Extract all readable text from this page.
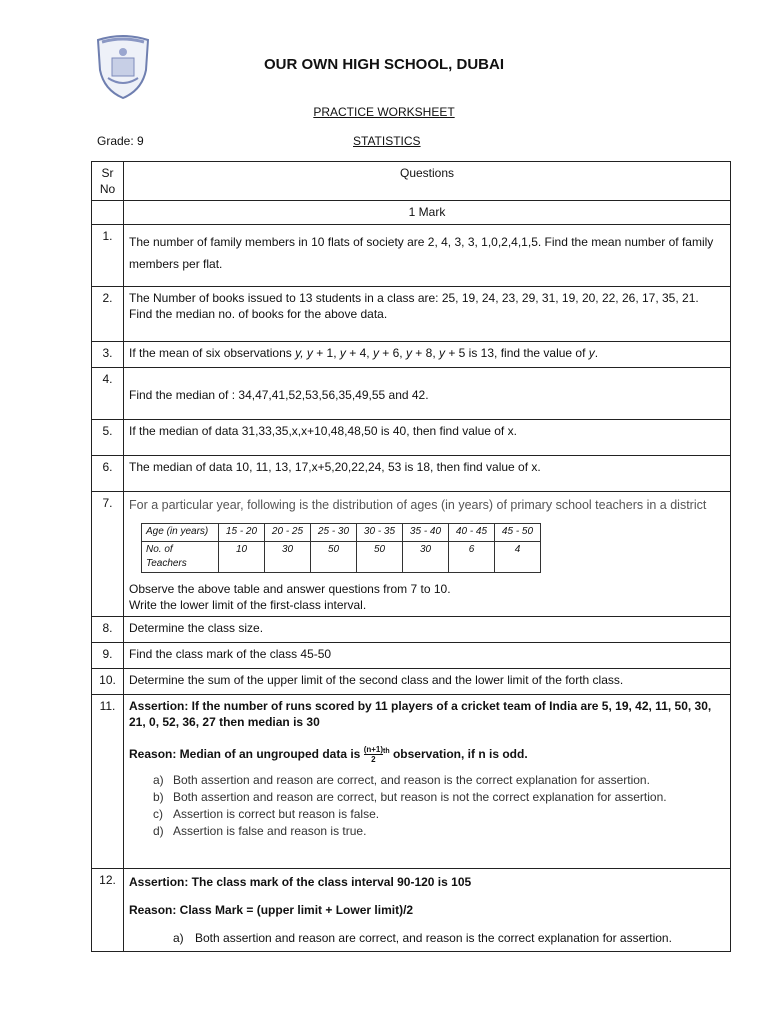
OUR OWN HIGH SCHOOL, DUBAI
PRACTICE WORKSHEET
Grade: 9	STATISTICS
Sr No	Questions
	1 Mark
1.	The number of family members in 10 flats of society are 2, 4, 3, 3, 1,0,2,4,1,5. Find the mean number of family members per flat.
2.	The Number of books issued to 13 students in a class are: 25, 19, 24, 23, 29, 31, 19, 20, 22, 26, 17, 35, 21. Find the median no. of books for the above data.
3.	If the mean of six observations y, y + 1, y + 4, y + 6, y + 8, y + 5 is 13, find the value of y.
4.	Find the median of : 34,47,41,52,53,56,35,49,55 and 42.
5.	If the median of data 31,33,35,x,x+10,48,48,50 is 40, then find value of x.
6.	The median of data 10, 11, 13, 17,x+5,20,22,24, 53 is 18, then find value of x.
7.	For a particular year, following is the distribution of ages (in years) of primary school teachers in a district
Age (in years)	15 - 20	20 - 25	25 - 30	30 - 35	35 - 40	40 - 45	45 - 50
No. of Teachers	10	30	50	50	30	6	4
Observe the above table and answer questions from 7 to 10.
Write the lower limit of the first-class interval.

8.	Determine the class size.
9.	Find the class mark of the class 45-50
10.	Determine the sum of the upper limit of the second class and the lower limit of the forth class.
11.	Assertion: If the number of runs scored by 11 players of a cricket team of India are 5, 19, 42, 11, 50, 30, 21, 0, 52, 36, 27 then median is 30
Reason: Median of an ungrouped data is $\frac{(n+1)}{2} ^{th}$ observation, if n is odd.
a) Both assertion and reason are correct, and reason is the correct explanation for assertion.
b) Both assertion and reason are correct, but reason is not the correct explanation for assertion.
c) Assertion is correct but reason is false.
d) Assertion is false and reason is true.

12.	Assertion: The class mark of the class interval 90-120 is 105
Reason: Class Mark = (upper limit + Lower limit)/2
a) Both assertion and reason are correct, and reason is the correct explanation for assertion.
